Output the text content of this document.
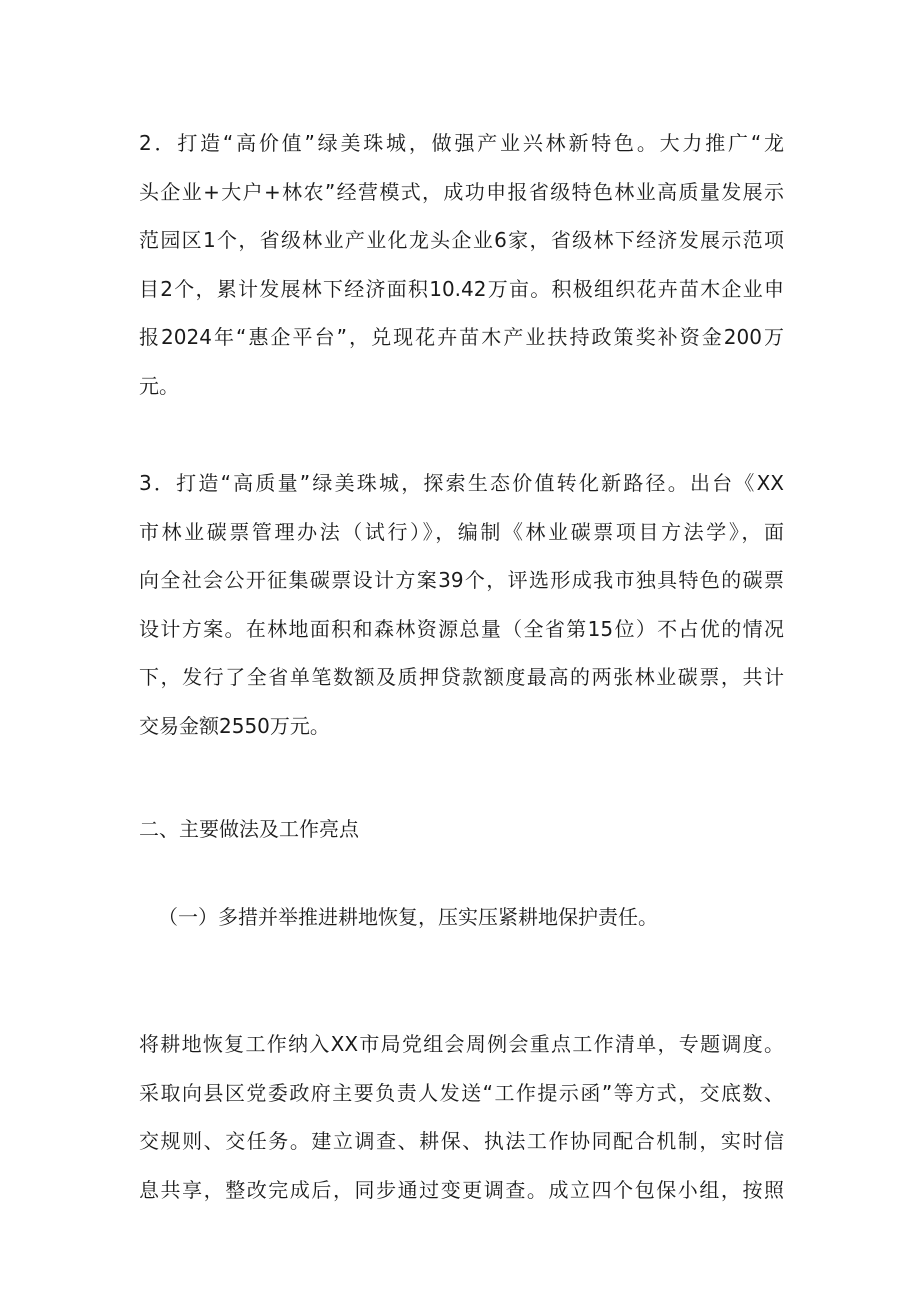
2．打造“高价值”绿美珠城，做强产业兴林新特色。大力推广“龙
头企业+大户+林农”经营模式，成功申报省级特色林业高质量发展示
范园区1个，省级林业产业化龙头企业6家，省级林下经济发展示范项
目2个，累计发展林下经济面积10.42万亩。积极组织花卉苗木企业申
报2024年“惠企平台”，兑现花卉苗木产业扶持政策奖补资金200万
元。
3．打造“高质量”绿美珠城，探索生态价值转化新路径。出台《XX
市林业碳票管理办法（试行）》，编制《林业碳票项目方法学》，面
向全社会公开征集碳票设计方案39个，评选形成我市独具特色的碳票
设计方案。在林地面积和森林资源总量（全省第15位）不占优的情况
下，发行了全省单笔数额及质押贷款额度最高的两张林业碳票，共计
交易金额2550万元。
二、主要做法及工作亮点
（一）多措并举推进耕地恢复，压实压紧耕地保护责任。
将耕地恢复工作纳入XX市局党组会周例会重点工作清单，专题调度。
采取向县区党委政府主要负责人发送“工作提示函”等方式，交底数、
交规则、交任务。建立调查、耕保、执法工作协同配合机制，实时信
息共享，整改完成后，同步通过变更调查。成立四个包保小组，按照
